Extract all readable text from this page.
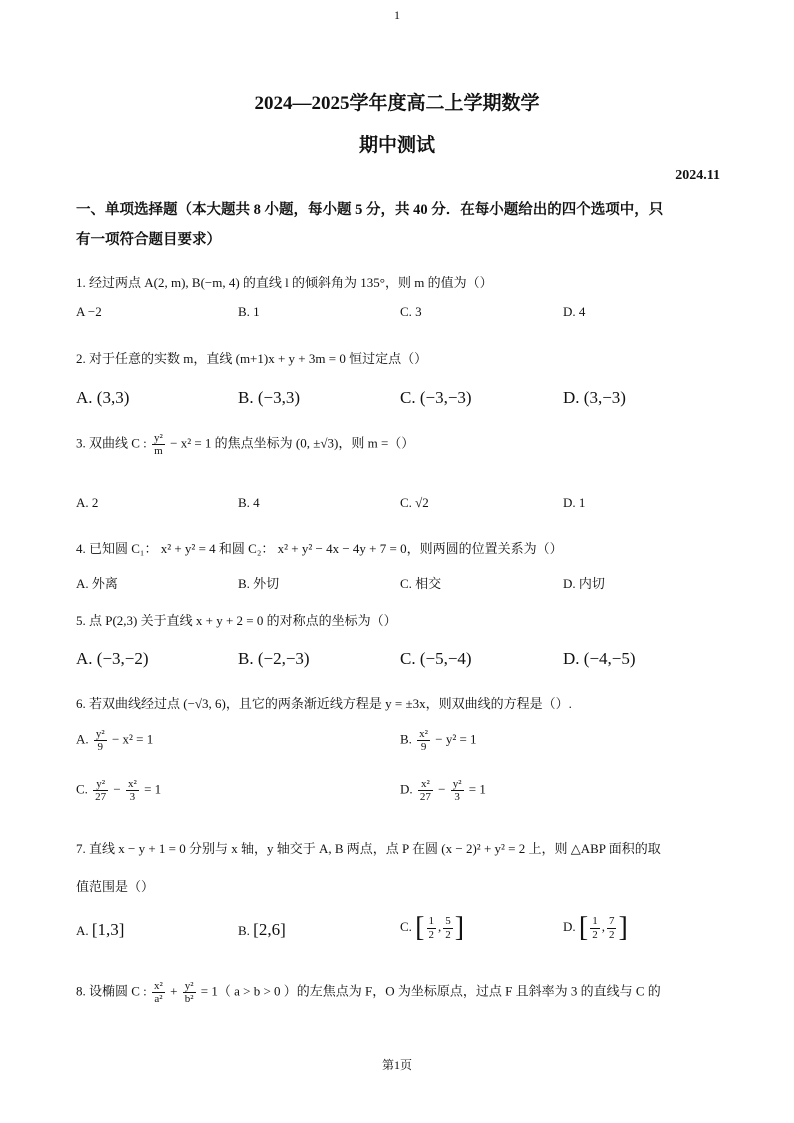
1
2024—2025学年度高二上学期数学
期中测试
2024.11
一、单项选择题（本大题共 8 小题，每小题 5 分，共 40 分．在每小题给出的四个选项中，只
有一项符合题目要求）
1. 经过两点 A(2, m), B(−m, 4) 的直线 l 的倾斜角为 135°，则 m 的值为（）
A −2	B. 1	C. 3	D. 4
2. 对于任意的实数 m，直线 (m+1)x + y + 3m = 0 恒过定点（）
A. (3,3)	B. (−3,3)	C. (−3,−3)	D. (3,−3)
3. 双曲线 C : $\frac{\text{y²}}{m} - x^2 = 1$ 的焦点坐标为 (0, ±√3)，则 m =（）
A. 2	B. 4	C. √2	D. 1
4. 已知圆 C₁： x² + y² = 4 和圆 C₂： x² + y² − 4x − 4y + 7 = 0，则两圆的位置关系为（）
A. 外离	B. 外切	C. 相交	D. 内切
5. 点 P(2,3) 关于直线 x + y + 2 = 0 的对称点的坐标为（）
A. (−3,−2)	B. (−2,−3)	C. (−5,−4)	D. (−4,−5)
6. 若双曲线经过点 (−√3, 6)，且它的两条渐近线方程是 y = ±3x，则双曲线的方程是（）.
A. $\frac{\text{y²}}{9} - x^2 = 1$	B. $\frac{\text{x²}}{9} - y^2 = 1$
C. $\frac{\text{y²}}{27} - \frac{\text{x²}}{3} = 1$	D. $\frac{\text{x²}}{27} - \frac{\text{y²}}{3} = 1$
7. 直线 x − y + 1 = 0 分别与 x 轴，y 轴交于 A, B 两点，点 P 在圆 (x − 2)² + y² = 2 上，则 △ABP 面积的取
值范围是（）
A. [1,3]	B. [2,6]	C. [ $\frac{1}{2}$ , $\frac{5}{2}$ ]	D. [ $\frac{1}{2}$ , $\frac{7}{2}$ ]
8. 设椭圆 C : $\frac{\text{x²}}{\text{a²}} + \frac{\text{y²}}{\text{b²}} = 1$（ a > b > 0 ）的左焦点为 F，O 为坐标原点，过点 F 且斜率为 3 的直线与 C 的
第1页
